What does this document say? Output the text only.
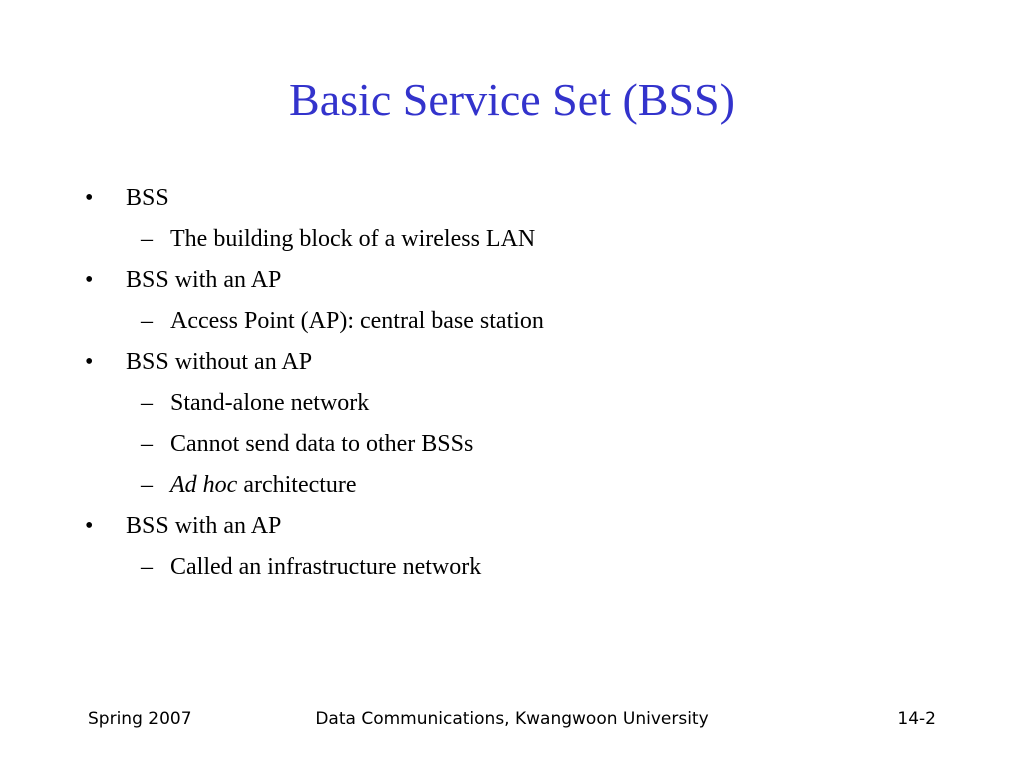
Basic Service Set (BSS)
•	BSS
– The building block of a wireless LAN
•	BSS with an AP
– Access Point (AP): central base station
•	BSS without an AP
– Stand-alone network
– Cannot send data to other BSSs
– Ad hoc architecture
•	BSS with an AP
– Called an infrastructure network
Spring 2007	Data Communications, Kwangwoon University	14-2
